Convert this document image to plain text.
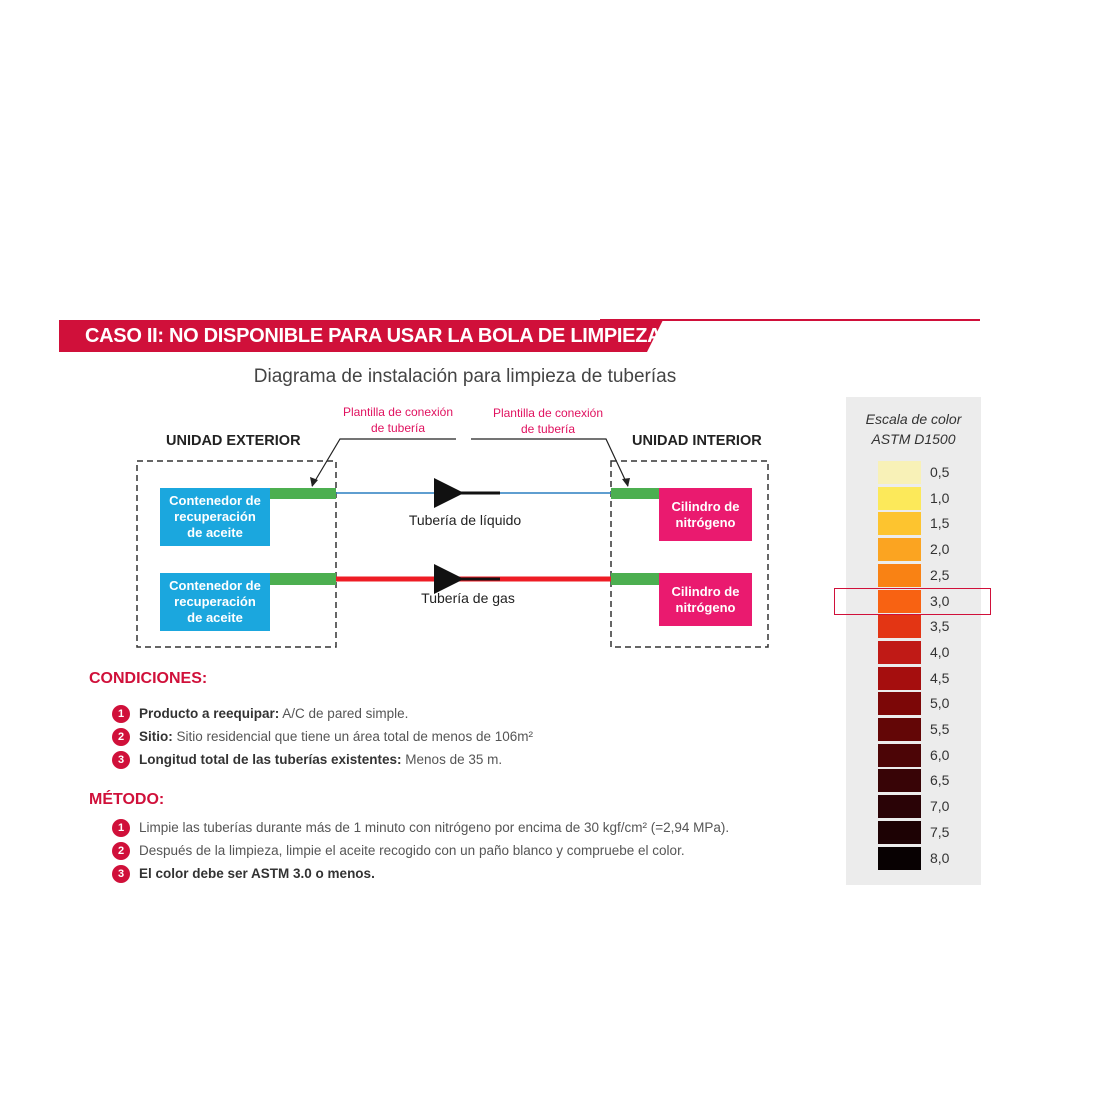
CASO II: NO DISPONIBLE PARA USAR LA BOLA DE LIMPIEZA
Diagrama de instalación para limpieza de tuberías
UNIDAD EXTERIOR	UNIDAD INTERIOR
Plantilla de conexión
de tubería
Plantilla de conexión
de tubería
Contenedor de
recuperación
de aceite
Contenedor de
recuperación
de aceite
Cilindro de
nitrógeno
Cilindro de
nitrógeno
Tubería de líquido
Tubería de gas
CONDICIONES:
1	Producto a reequipar: A/C de pared simple.
2	Sitio: Sitio residencial que tiene un área total de menos de 106m²
3	Longitud total de las tuberías existentes: Menos de 35 m.
MÉTODO:
1	Limpie las tuberías durante más de 1 minuto con nitrógeno por encima de 30 kgf/cm² (=2,94 MPa).
2	Después de la limpieza, limpie el aceite recogido con un paño blanco y compruebe el color.
3	El color debe ser ASTM 3.0 o menos.
Escala de color
ASTM D1500
0,5
1,0
1,5
2,0
2,5
3,0
3,5
4,0
4,5
5,0
5,5
6,0
6,5
7,0
7,5
8,0
